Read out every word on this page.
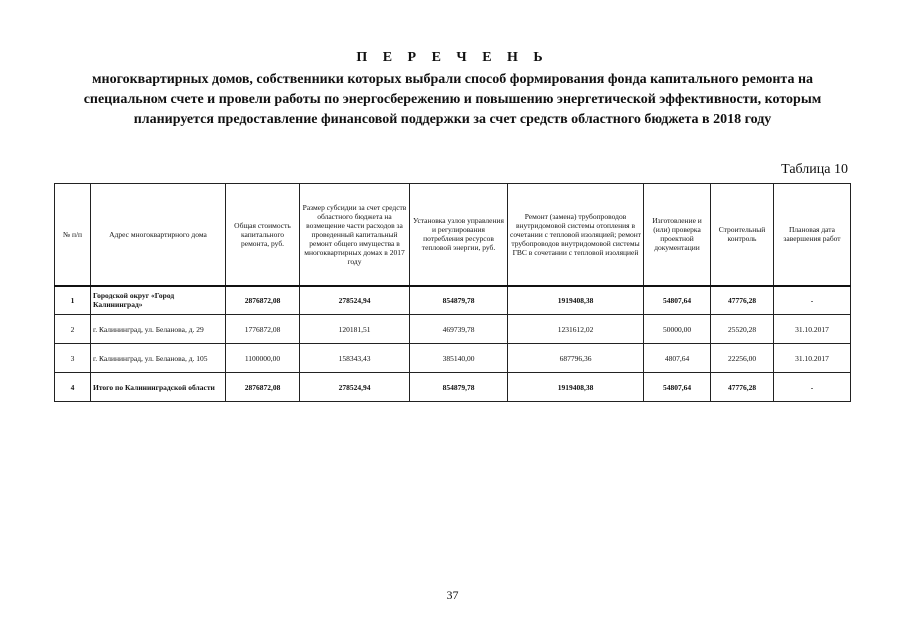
П Е Р Е Ч Е Н Ь
многоквартирных домов, собственники которых выбрали способ формирования фонда капитального ремонта на специальном счете и провели работы по энергосбережению и повышению энергетической эффективности, которым планируется предоставление финансовой поддержки за счет средств областного бюджета в 2018 году
Таблица 10
№ п/п	Адрес многоквартирного дома	Общая стоимость капитального ремонта, руб.	Размер субсидии за счет средств областного бюджета на возмещение части расходов за проведенный капитальный ремонт общего имущества в многоквартирных домах в 2017 году	Установка узлов управления и регулирования потребления ресурсов тепловой энергии, руб.	Ремонт (замена) трубопроводов внутридомовой системы отопления в сочетании с тепловой изоляцией; ремонт трубопроводов внутридомовой системы ГВС в сочетании с тепловой изоляцией	Изготовление и (или) проверка проектной документации	Строительный контроль	Плановая дата завершения работ
1	Городской округ «Город Калининград»	2876872,08	278524,94	854879,78	1919408,38	54807,64	47776,28	-
2	г. Калининград, ул. Беланова, д. 29	1776872,08	120181,51	469739,78	1231612,02	50000,00	25520,28	31.10.2017
3	г. Калининград, ул. Беланова, д. 105	1100000,00	158343,43	385140,00	687796,36	4807,64	22256,00	31.10.2017
4	Итого по Калининградской области	2876872,08	278524,94	854879,78	1919408,38	54807,64	47776,28	-
37
